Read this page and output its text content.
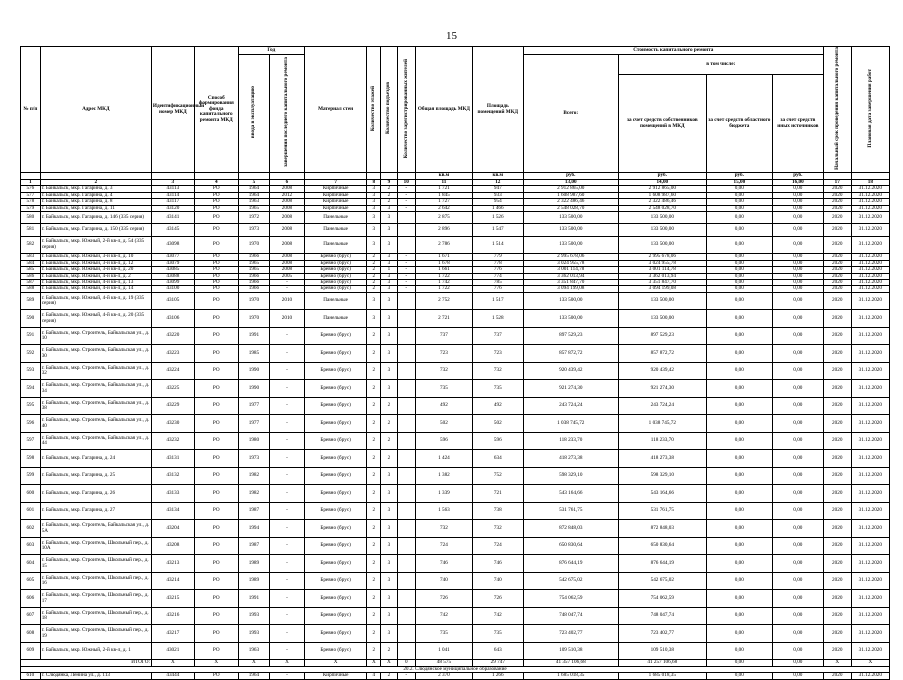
15
№ п/п	Адрес МКД	Идентификационный номер МКД	Способ формирования фонда капитального ремонта МКД	Год		Материал стен	Количество этажей	Количество подъездов	Количество зарегистрированных жителей	Общая площадь МКД	Площадь помещений МКД	Стоимость капитального ремонта				Начальный срок проведения капитального ремонта	Плановая дата завершения работ
				ввода в эксплуатацию	завершения последнего капитального ремонта							Всего:	в том числе:				
													за счет средств собственников помещений в МКД	за счет средств областного бюджета	за счет средств иных источников		
										кв.м	кв.м	руб.	руб.	руб.	руб.		
1	2	3	4	5	6	7	8	9	10	11	12	13,00	14,00	15,00	16,00	17	18
576	г. Байкальск, мкр. Гагарина, д. 3	43113	РО	1964	2008	Кирпичные	3	2	-	1 721	947	2 912 865,00	2 912 865,00	0,00	0,00	2020	31.12.2020
577	г. Байкальск, мкр. Гагарина, д. 4	43114	РО	1964	2012	Кирпичные	3	2	-	1 845	933	1 608 987,60	1 608 987,60	0,00	0,00	2020	31.12.2020
578	г. Байкальск, мкр. Гагарина, д. 8	43117	РО	1963	2008	Кирпичные	3	2	-	1 727	954	2 322 486,46	2 322 486,46	0,00	0,00	2020	31.12.2020
579	г. Байкальск, мкр. Гагарина, д. 11	43120	РО	1965	2008	Кирпичные	3	3	-	2 642	1 466	2 548 028,70	2 548 028,70	0,00	0,00	2020	31.12.2020
580	г. Байкальск, мкр. Гагарина, д. 146 (335 серия)	43141	РО	1972	2008	Панельные	3	3		2 875	1 526	133 500,00	133 500,00	0,00	0,00	2020	31.12.2020
581	г. Байкальск, мкр. Гагарина, д. 150 (335 серия)	43145	РО	1973	2008	Панельные	3	3		2 896	1 547	133 500,00	133 500,00	0,00	0,00	2020	31.12.2020
582	г. Байкальск, мкр. Южный, 2-й кв-л, д. 54 (335 серия)	43098	РО	1970	2008	Панельные	3	3		2 786	1 514	133 500,00	133 500,00	0,00	0,00	2020	31.12.2020
583	г. Байкальск, мкр. Южный, 3-й кв-л, д. 10	43077	РО	1966	2008	Бревно (брус)	2	3	-	1 671	779	2 995 678,06	2 995 678,06	0,00	0,00	2020	31.12.2020
584	г. Байкальск, мкр. Южный, 3-й кв-л, д. 12	43079	РО	1965	2008	Бревно (брус)	2	3	-	1 678	778	3 024 955,78	3 024 955,78	0,00	0,00	2020	31.12.2020
585	г. Байкальск, мкр. Южный, 3-й кв-л, д. 20	43085	РО	1965	2008	Бревно (брус)	2	1	-	1 661	776	3 001 114,78	3 001 114,78	0,00	0,00	2020	31.12.2020
586	г. Байкальск, мкр. Южный, 4-й кв-л, д. 2	43088	РО	1966	2005	Бревно (брус)	2	3	-	1 722	774	3 362 013,94	3 362 013,94	0,00	0,00	2020	31.12.2020
587	г. Байкальск, мкр. Южный, 4-й кв-л, д. 13	43099	РО	1966	-	Бревно (брус)	2	3	-	1 742	785	3 351 847,70	3 351 847,70	0,00	0,00	2020	31.12.2020
588	г. Байкальск, мкр. Южный, 4-й кв-л, д. 14	43100	РО	1966	-	Бревно (брус)	2	3	-	1 722	776	3 094 199,08	3 094 199,08	0,00	0,00	2020	31.12.2020
589	г. Байкальск, мкр. Южный, 4-й кв-л, д. 19 (335 серия)	43105	РО	1970	2010	Панельные	3	3		2 752	1 517	133 500,00	133 500,00	0,00	0,00	2020	31.12.2020
590	г. Байкальск, мкр. Южный, 4-й кв-л, д. 20 (335 серия)	43106	РО	1970	2010	Панельные	3	3		2 721	1 528	133 500,00	133 500,00	0,00	0,00	2020	31.12.2020
591	г. Байкальск, мкр. Строитель, Байкальская ул., д. 10	43220	РО	1991	-	Бревно (брус)	2	3		737	737	897 529,23	897 529,23	0,00	0,00	2020	31.12.2020
592	г. Байкальск, мкр. Строитель, Байкальская ул., д. 30	43223	РО	1985	-	Бревно (брус)	2	3		723	723	857 872,72	857 872,72	0,00	0,00	2020	31.12.2020
593	г. Байкальск, мкр. Строитель, Байкальская ул., д. 32	43224	РО	1990	-	Бревно (брус)	2	3		732	732	920 439,42	920 439,42	0,00	0,00	2020	31.12.2020
594	г. Байкальск, мкр. Строитель, Байкальская ул., д. 34	43225	РО	1990	-	Бревно (брус)	2	3		735	735	921 274,30	921 274,30	0,00	0,00	2020	31.12.2020
595	г. Байкальск, мкр. Строитель, Байкальская ул., д. 38	43229	РО	1977	-	Бревно (брус)	2	2		492	492	243 724,24	243 724,24	0,00	0,00	2020	31.12.2020
596	г. Байкальск, мкр. Строитель, Байкальская ул., д. 40	43230	РО	1977	-	Бревно (брус)	2	2		502	502	1 038 745,72	1 038 745,72	0,00	0,00	2020	31.12.2020
597	г. Байкальск, мкр. Строитель, Байкальская ул., д. 44	43232	РО	1980	-	Бревно (брус)	2	2		596	596	118 233,70	118 233,70	0,00	0,00	2020	31.12.2020
598	г. Байкальск, мкр. Гагарина, д. 24	43131	РО	1973	-	Бревно (брус)	2	2		1 424	634	418 273,38	418 273,38	0,00	0,00	2020	31.12.2020
599	г. Байкальск, мкр. Гагарина, д. 25	43132	РО	1982	-	Бревно (брус)	2	3		1 382	752	598 329,10	598 329,10	0,00	0,00	2020	31.12.2020
600	г. Байкальск, мкр. Гагарина, д. 26	43133	РО	1982	-	Бревно (брус)	2	3		1 339	721	543 164,66	543 164,66	0,00	0,00	2020	31.12.2020
601	г. Байкальск, мкр. Гагарина, д. 27	43134	РО	1987	-	Бревно (брус)	2	3		1 563	738	531 761,75	531 761,75	0,00	0,00	2020	31.12.2020
602	г. Байкальск, мкр. Строитель, Байкальская ул., д. 5А	43204	РО	1994	-	Бревно (брус)	2	3		732	732	872 848,03	872 848,03	0,00	0,00	2020	31.12.2020
603	г. Байкальск, мкр. Строитель, Школьный пер., д. 10А	43208	РО	1987	-	Бревно (брус)	2	3		724	724	650 830,64	650 830,64	0,00	0,00	2020	31.12.2020
604	г. Байкальск, мкр. Строитель, Школьный пер., д. 15	43213	РО	1989	-	Бревно (брус)	2	3		746	746	876 644,19	876 644,19	0,00	0,00	2020	31.12.2020
605	г. Байкальск, мкр. Строитель, Школьный пер., д. 16	43214	РО	1989	-	Бревно (брус)	2	3		740	740	542 675,02	542 675,02	0,00	0,00	2020	31.12.2020
606	г. Байкальск, мкр. Строитель, Школьный пер., д. 17	43215	РО	1991	-	Бревно (брус)	2	3		726	726	754 062,59	754 062,59	0,00	0,00	2020	31.12.2020
607	г. Байкальск, мкр. Строитель, Школьный пер., д. 18	43216	РО	1993	-	Бревно (брус)	2	3		742	742	748 047,74	748 047,74	0,00	0,00	2020	31.12.2020
608	г. Байкальск, мкр. Строитель, Школьный пер., д. 19	43217	РО	1993	-	Бревно (брус)	2	3		735	735	723 402,77	723 402,77	0,00	0,00	2020	31.12.2020
609	г. Байкальск, мкр. Южный, 2-й кв-л, д. 1	43021	РО	1963	-	Бревно (брус)	2	2		1 041	643	109 510,38	109 510,38	0,00	0,00	2020	31.12.2020
ИТОГО:		Х	Х	Х	Х	Х	Х	Х	0	48 575	29 747	41 357 106,68	41 257 106,68	0,00	0,00	Х	Х
20.2. Слюдянское муниципальное образование																	
610	г. Слюдянка, Ленина ул., д. 113	43444	РО	1964	-	Кирпичные	4	2	-	2 370	1 266	1 685 018,35	1 685 018,35	0,00	0,00	2020	31.12.2020
